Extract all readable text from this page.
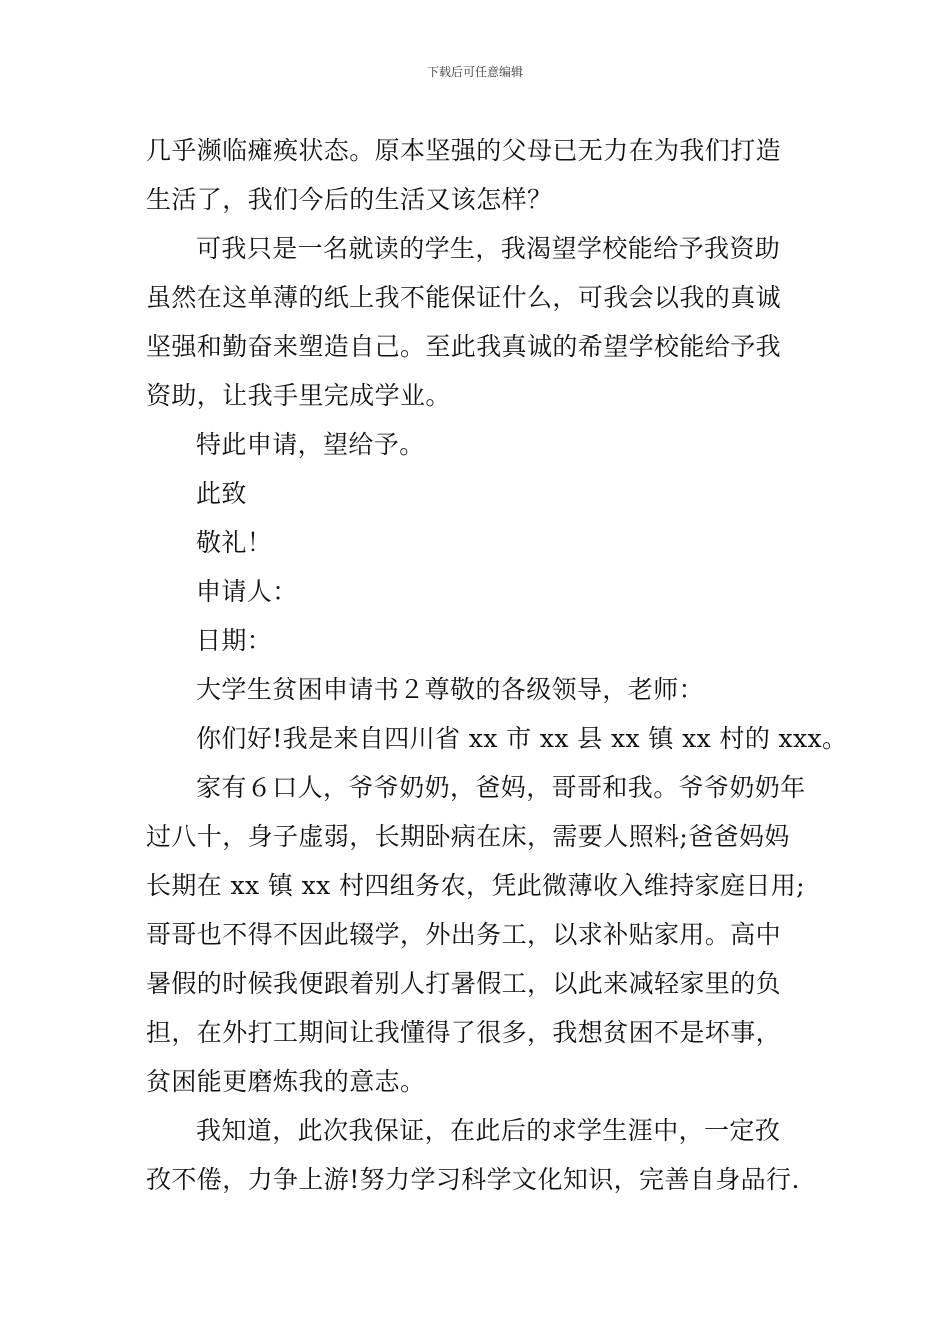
下载后可任意编辑
几乎濒临瘫痪状态。原本坚强的父母已无力在为我们打造
生活了，我们今后的生活又该怎样？
可我只是一名就读的学生，我渴望学校能给予我资助
虽然在这单薄的纸上我不能保证什么，可我会以我的真诚
坚强和勤奋来塑造自己。至此我真诚的希望学校能给予我
资助，让我手里完成学业。
特此申请，望给予。
此致
敬礼！
申请人：
日期：
大学生贫困申请书２尊敬的各级领导，老师：
你们好!我是来自四川省 xx 市 xx 县 xx 镇 xx 村的 xxx。
家有６口人，爷爷奶奶，爸妈，哥哥和我。爷爷奶奶年
过八十，身子虚弱，长期卧病在床，需要人照料;爸爸妈妈
长期在 xx 镇 xx 村四组务农，凭此微薄收入维持家庭日用;
哥哥也不得不因此辍学，外出务工，以求补贴家用。高中
暑假的时候我便跟着别人打暑假工，以此来减轻家里的负
担，在外打工期间让我懂得了很多，我想贫困不是坏事，
贫困能更磨炼我的意志。
我知道，此次我保证，在此后的求学生涯中，一定孜
孜不倦，力争上游!努力学习科学文化知识，完善自身品行.
